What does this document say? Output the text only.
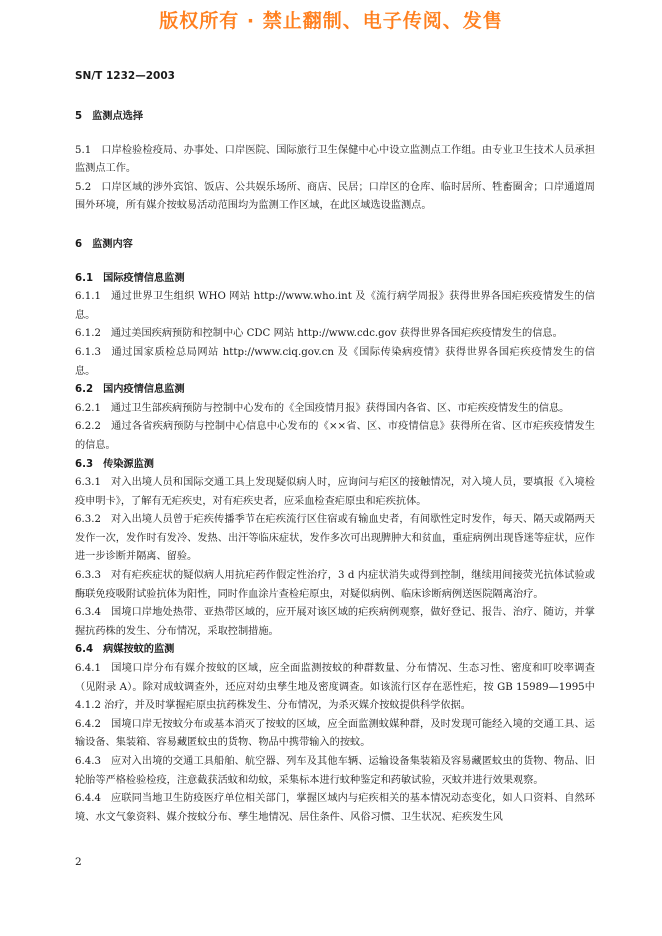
版权所有 · 禁止翻制、电子传阅、发售
SN/T 1232—2003
5 监测点选择
5.1 口岸检验检疫局、办事处、口岸医院、国际旅行卫生保健中心中设立监测点工作组。由专业卫生技术人员承担监测点工作。
5.2 口岸区域的涉外宾馆、饭店、公共娱乐场所、商店、民居；口岸区的仓库、临时居所、牲畜圈舍；口岸通道周围外环境，所有媒介按蚊易活动范围均为监测工作区域，在此区域选设监测点。
6 监测内容
6.1 国际疫情信息监测
6.1.1 通过世界卫生组织 WHO 网站 http://www.who.int 及《流行病学周报》获得世界各国疟疾疫情发生的信息。
6.1.2 通过美国疾病预防和控制中心 CDC 网站 http://www.cdc.gov 获得世界各国疟疾疫情发生的信息。
6.1.3 通过国家质检总局网站 http://www.ciq.gov.cn 及《国际传染病疫情》获得世界各国疟疾疫情发生的信息。
6.2 国内疫情信息监测
6.2.1 通过卫生部疾病预防与控制中心发布的《全国疫情月报》获得国内各省、区、市疟疾疫情发生的信息。
6.2.2 通过各省疾病预防与控制中心信息中心发布的《××省、区、市疫情信息》获得所在省、区市疟疾疫情发生的信息。
6.3 传染源监测
6.3.1 对入出境人员和国际交通工具上发现疑似病人时，应询问与疟区的接触情况，对入境人员，要填报《入境检疫申明卡》，了解有无疟疾史，对有疟疾史者，应采血检查疟原虫和疟疾抗体。
6.3.2 对入出境人员曾于疟疾传播季节在疟疾流行区住宿或有输血史者，有间歇性定时发作，每天、隔天或隔两天发作一次，发作时有发冷、发热、出汗等临床症状，发作多次可出现脾肿大和贫血，重症病例出现昏迷等症状，应作进一步诊断并隔离、留验。
6.3.3 对有疟疾症状的疑似病人用抗疟药作假定性治疗，3 d 内症状消失或得到控制，继续用间接荧光抗体试验或酶联免疫吸附试验抗体为阳性，同时作血涂片查检疟原虫，对疑似病例、临床诊断病例送医院隔离治疗。
6.3.4 国境口岸地处热带、亚热带区域的，应开展对该区域的疟疾病例观察，做好登记、报告、治疗、随访，并掌握抗药株的发生、分布情况，采取控制措施。
6.4 病媒按蚊的监测
6.4.1 国境口岸分布有媒介按蚊的区域，应全面监测按蚊的种群数量、分布情况、生态习性、密度和叮咬率调查（见附录 A）。除对成蚊调查外，还应对幼虫孳生地及密度调查。如该流行区存在恶性疟，按 GB 15989—1995中 4.1.2 治疗，并及时掌握疟原虫抗药株发生、分布情况，为杀灭媒介按蚊提供科学依据。
6.4.2 国境口岸无按蚊分布或基本消灭了按蚊的区域，应全面监测蚊媒种群，及时发现可能经入境的交通工具、运输设备、集装箱、容易藏匿蚊虫的货物、物品中携带输入的按蚊。
6.4.3 应对入出境的交通工具船舶、航空器、列车及其他车辆、运输设备集装箱及容易藏匿蚊虫的货物、物品、旧轮胎等严格检验检疫，注意截获活蚊和幼蚊，采集标本进行蚊种鉴定和药敏试验，灭蚊并进行效果观察。
6.4.4 应联同当地卫生防疫医疗单位相关部门，掌握区域内与疟疾相关的基本情况动态变化，如人口资料、自然环境、水文气象资料、媒介按蚊分布、孳生地情况、居住条件、风俗习惯、卫生状况、疟疾发生风
2
